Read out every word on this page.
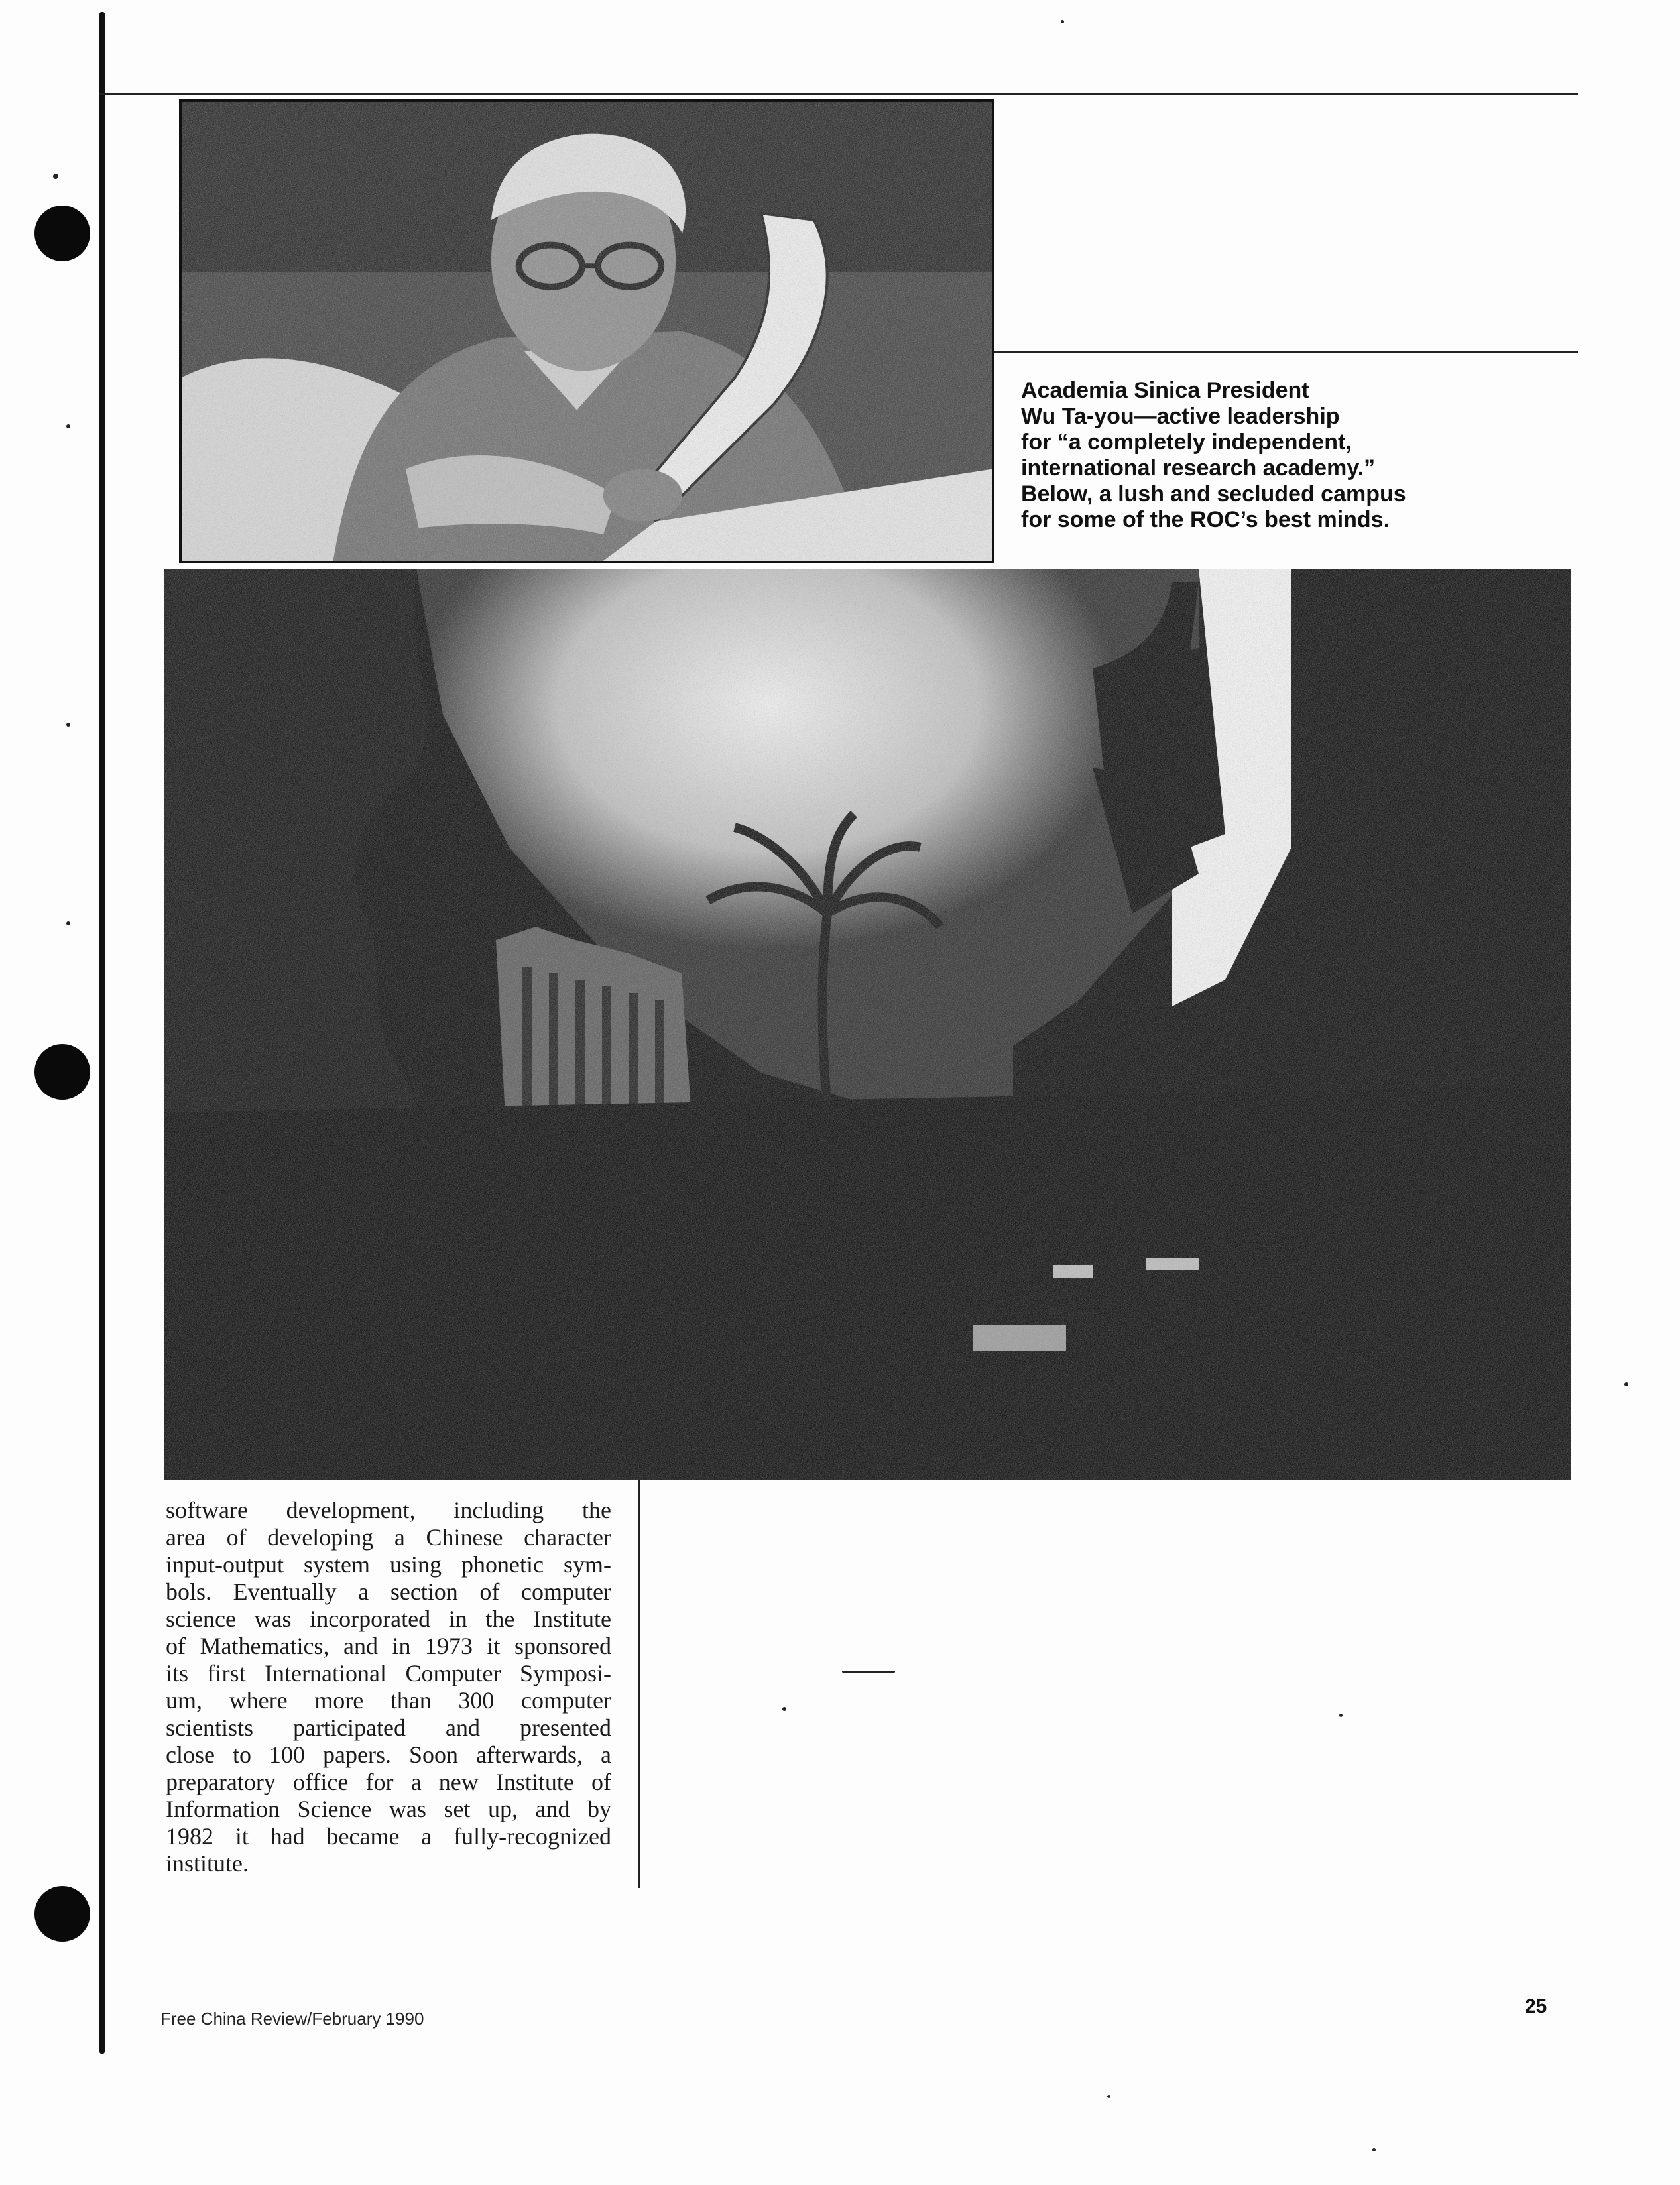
Academia Sinica President
Wu Ta-you—active leadership
for “a completely independent,
international research academy.”
Below, a lush and secluded campus
for some of the ROC’s best minds.
software development, including the
area of developing a Chinese character
input-output system using phonetic sym-
bols. Eventually a section of computer
science was incorporated in the Institute
of Mathematics, and in 1973 it sponsored
its first International Computer Symposi-
um, where more than 300 computer
scientists participated and presented
close to 100 papers. Soon afterwards, a
preparatory office for a new Institute of
Information Science was set up, and by
1982 it had became a fully-recognized
institute.
Free China Review/February 1990
25
